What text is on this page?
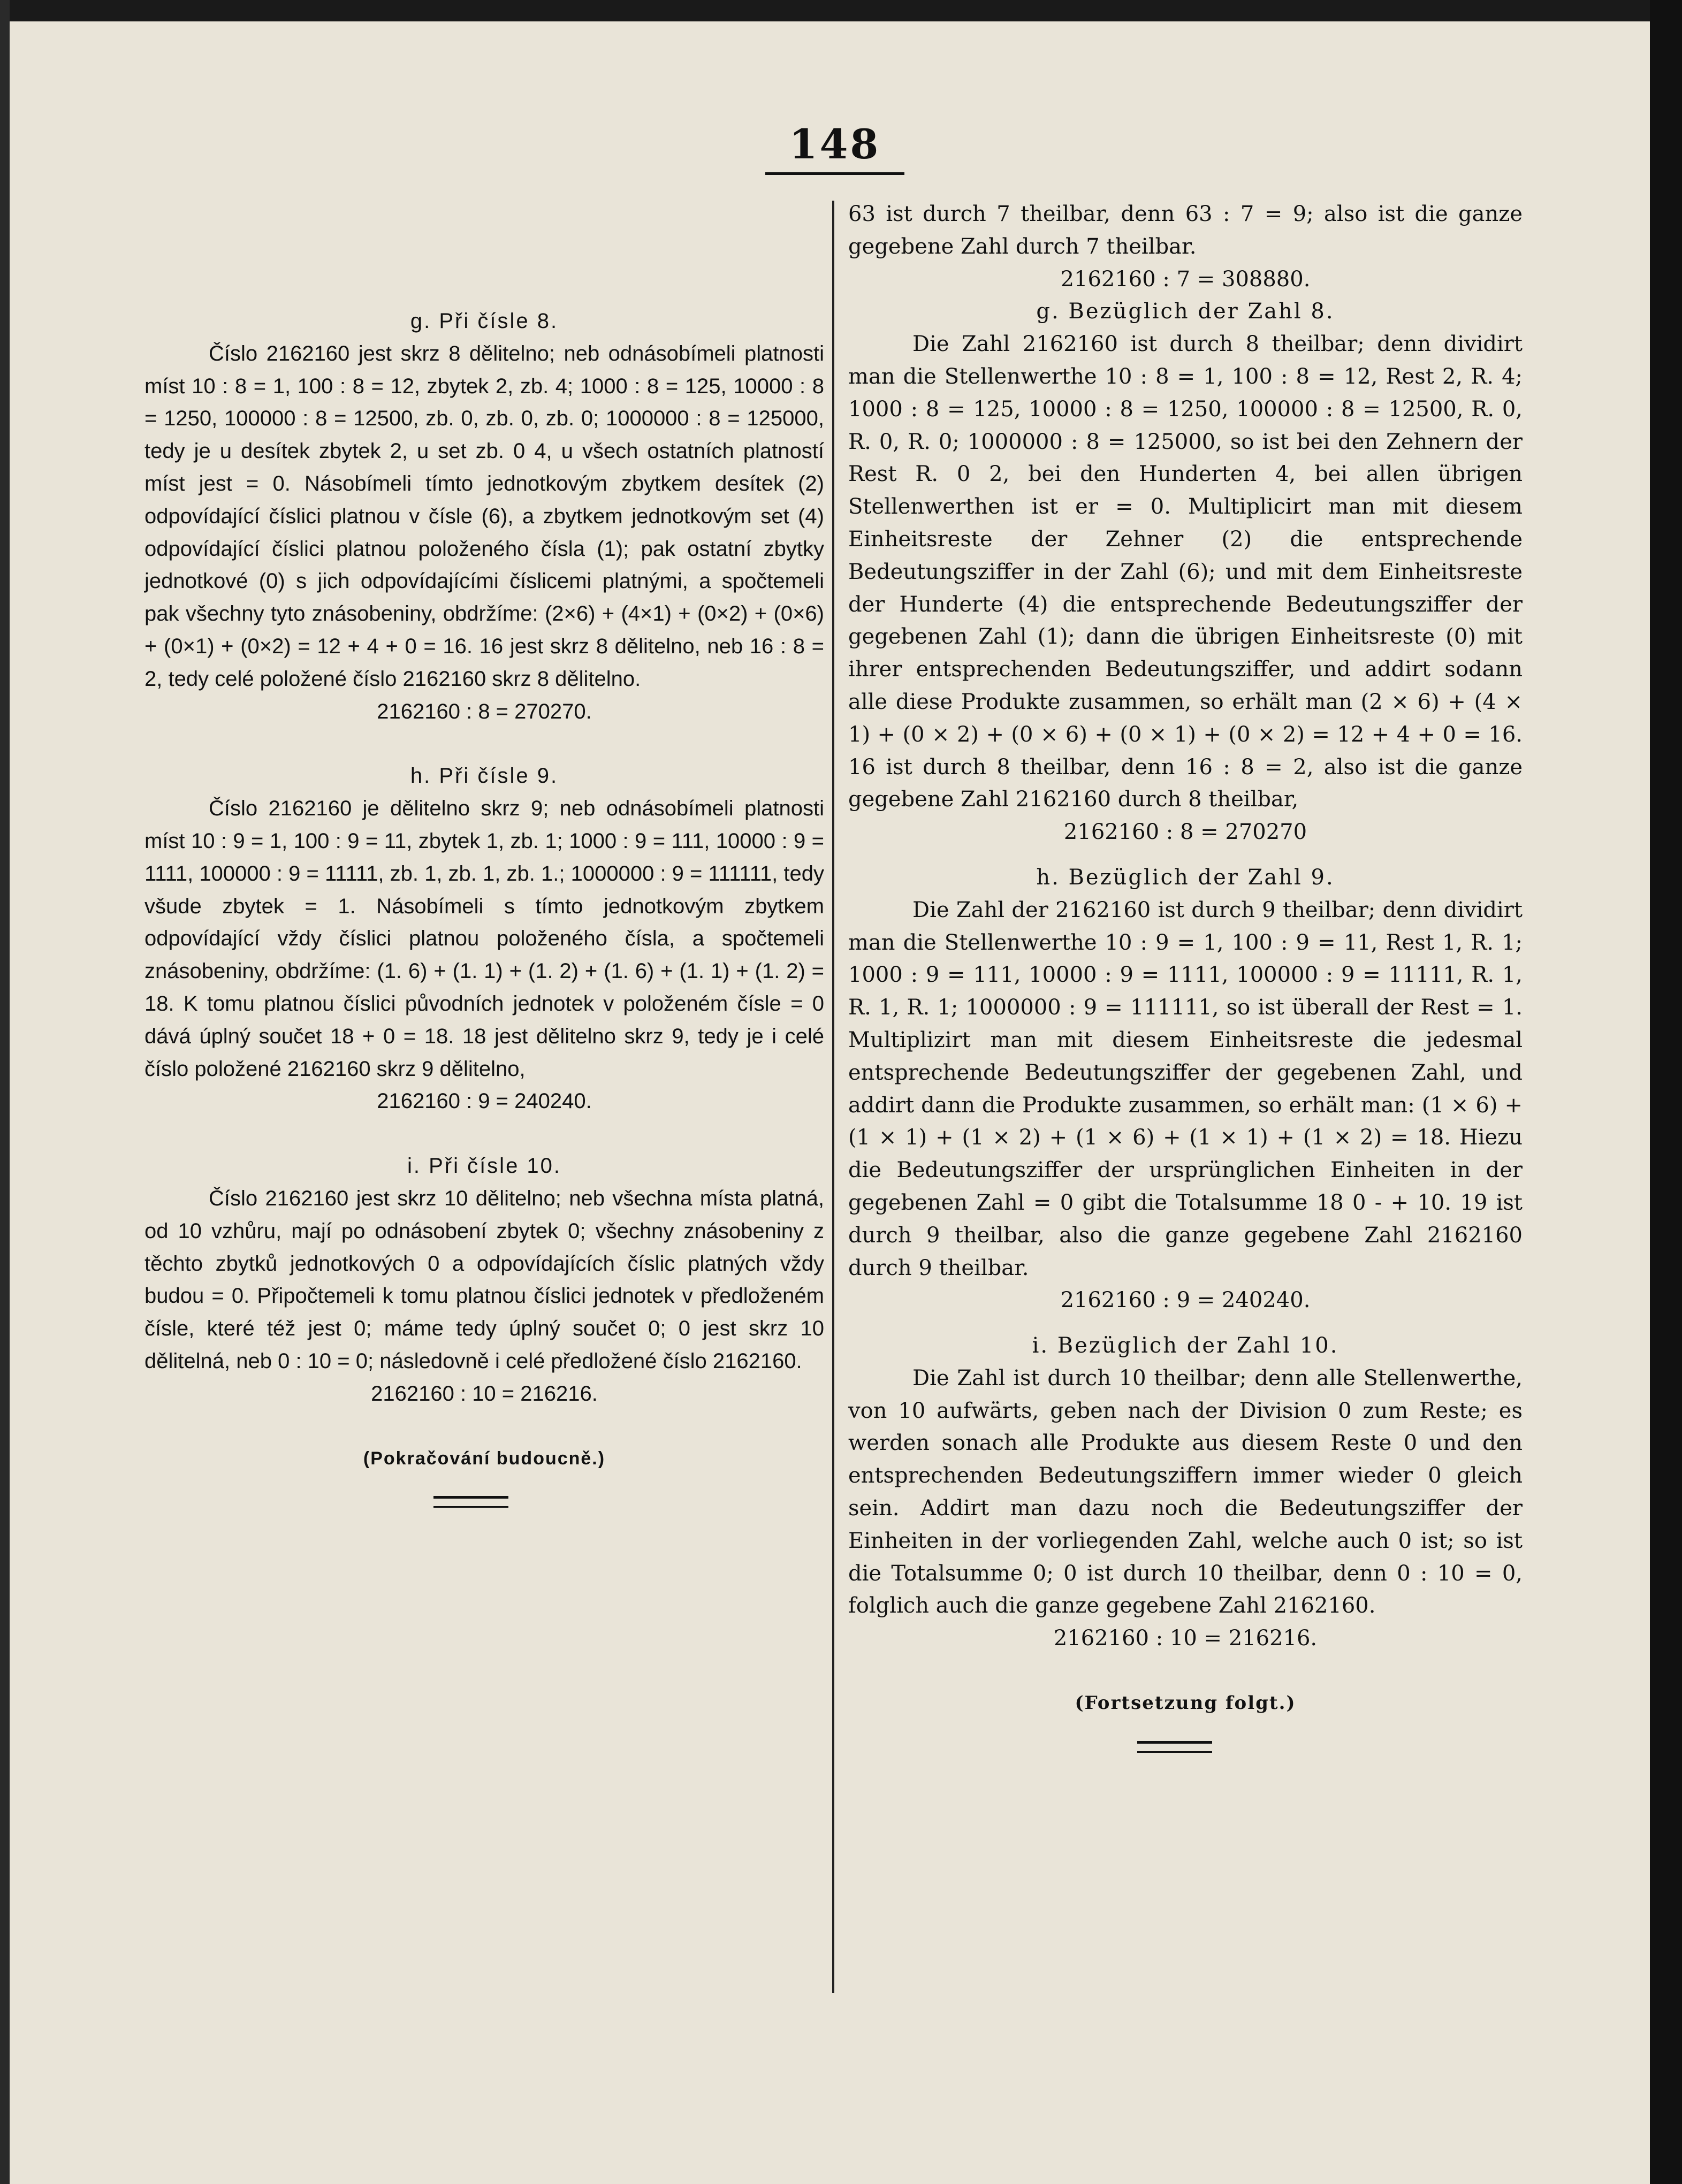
148

g. Při čísle 8.

Číslo 2162160 jest skrz 8 dělitelno; neb odnásobímeli platnosti míst 10 : 8 = 1, 100 : 8 = 12, zbytek 2, zb. 4; 1000 : 8 = 125, 10000 : 8 = 1250, 100000 : 8 = 12500, zb. 0, zb. 0, zb. 0; 1000000 : 8 = 125000, tedy je u desítek zbytek 2, u set zb. 0 4, u všech ostatních platností míst jest = 0. Násobímeli tímto jednotkovým zbytkem desítek (2) odpovídající číslici platnou v čísle (6), a zbytkem jednotkovým set (4) odpovídající číslici platnou položeného čísla (1); pak ostatní zbytky jednotkové (0) s jich odpovídajícími číslicemi platnými, a spočtemeli pak všechny tyto znásobeniny, obdržíme: (2×6) + (4×1) + (0×2) + (0×6) + (0×1) + (0×2) = 12 + 4 + 0 = 16. 16 jest skrz 8 dělitelno, neb 16 : 8 = 2, tedy celé položené číslo 2162160 skrz 8 dělitelno.

2162160 : 8 = 270270.

h. Při čísle 9.

Číslo 2162160 je dělitelno skrz 9; neb odnásobímeli platnosti míst 10 : 9 = 1, 100 : 9 = 11, zbytek 1, zb. 1; 1000 : 9 = 111, 10000 : 9 = 1111, 100000 : 9 = 11111, zb. 1, zb. 1, zb. 1.; 1000000 : 9 = 111111, tedy všude zbytek = 1. Násobímeli s tímto jednotkovým zbytkem odpovídající vždy číslici platnou položeného čísla, a spočtemeli znásobeniny, obdržíme: (1. 6) + (1. 1) + (1. 2) + (1. 6) + (1. 1) + (1. 2) = 18. K tomu platnou číslici původních jednotek v položeném čísle = 0 dává úplný součet 18 + 0 = 18. 18 jest dělitelno skrz 9, tedy je i celé číslo položené 2162160 skrz 9 dělitelno,

2162160 : 9 = 240240.

i. Při čísle 10.

Číslo 2162160 jest skrz 10 dělitelno; neb všechna místa platná, od 10 vzhůru, mají po odnásobení zbytek 0; všechny znásobeniny z těchto zbytků jednotkových 0 a odpovídajících číslic platných vždy budou = 0. Připočtemeli k tomu platnou číslici jednotek v předloženém čísle, které též jest 0; máme tedy úplný součet 0; 0 jest skrz 10 dělitelná, neb 0 : 10 = 0; následovně i celé předložené číslo 2162160.

2162160 : 10 = 216216.

(Pokračování budoucně.)

63 ist durch 7 theilbar, denn 63 : 7 = 9; also ist die ganze gegebene Zahl durch 7 theilbar.

2162160 : 7 = 308880.

g. Bezüglich der Zahl 8.

Die Zahl 2162160 ist durch 8 theilbar; denn dividirt man die Stellenwerthe 10 : 8 = 1, 100 : 8 = 12, Rest 2, R. 4; 1000 : 8 = 125, 10000 : 8 = 1250, 100000 : 8 = 12500, R. 0, R. 0, R. 0; 1000000 : 8 = 125000, so ist bei den Zehnern der Rest R. 0 2, bei den Hunderten 4, bei allen übrigen Stellenwerthen ist er = 0. Multiplicirt man mit diesem Einheitsreste der Zehner (2) die entsprechende Bedeutungsziffer in der Zahl (6); und mit dem Einheitsreste der Hunderte (4) die entsprechende Bedeutungsziffer der gegebenen Zahl (1); dann die übrigen Einheitsreste (0) mit ihrer entsprechenden Bedeutungsziffer, und addirt sodann alle diese Produkte zusammen, so erhält man (2 × 6) + (4 × 1) + (0 × 2) + (0 × 6) + (0 × 1) + (0 × 2) = 12 + 4 + 0 = 16. 16 ist durch 8 theilbar, denn 16 : 8 = 2, also ist die ganze gegebene Zahl 2162160 durch 8 theilbar,

2162160 : 8 = 270270

h. Bezüglich der Zahl 9.

Die Zahl der 2162160 ist durch 9 theilbar; denn dividirt man die Stellenwerthe 10 : 9 = 1, 100 : 9 = 11, Rest 1, R. 1; 1000 : 9 = 111, 10000 : 9 = 1111, 100000 : 9 = 11111, R. 1, R. 1, R. 1; 1000000 : 9 = 111111, so ist überall der Rest = 1. Multiplizirt man mit diesem Einheitsreste die jedesmal entsprechende Bedeutungsziffer der gegebenen Zahl, und addirt dann die Produkte zusammen, so erhält man: (1 × 6) + (1 × 1) + (1 × 2) + (1 × 6) + (1 × 1) + (1 × 2) = 18. Hiezu die Bedeutungsziffer der ursprünglichen Einheiten in der gegebenen Zahl = 0 gibt die Totalsumme 18 0 - + 10. 19 ist durch 9 theilbar, also die ganze gegebene Zahl 2162160 durch 9 theilbar.

2162160 : 9 = 240240.

i. Bezüglich der Zahl 10.

Die Zahl ist durch 10 theilbar; denn alle Stellenwerthe, von 10 aufwärts, geben nach der Division 0 zum Reste; es werden sonach alle Produkte aus diesem Reste 0 und den entsprechenden Bedeutungsziffern immer wieder 0 gleich sein. Addirt man dazu noch die Bedeutungsziffer der Einheiten in der vorliegenden Zahl, welche auch 0 ist; so ist die Totalsumme 0; 0 ist durch 10 theilbar, denn 0 : 10 = 0, folglich auch die ganze gegebene Zahl 2162160.

2162160 : 10 = 216216.

(Fortsetzung folgt.)
